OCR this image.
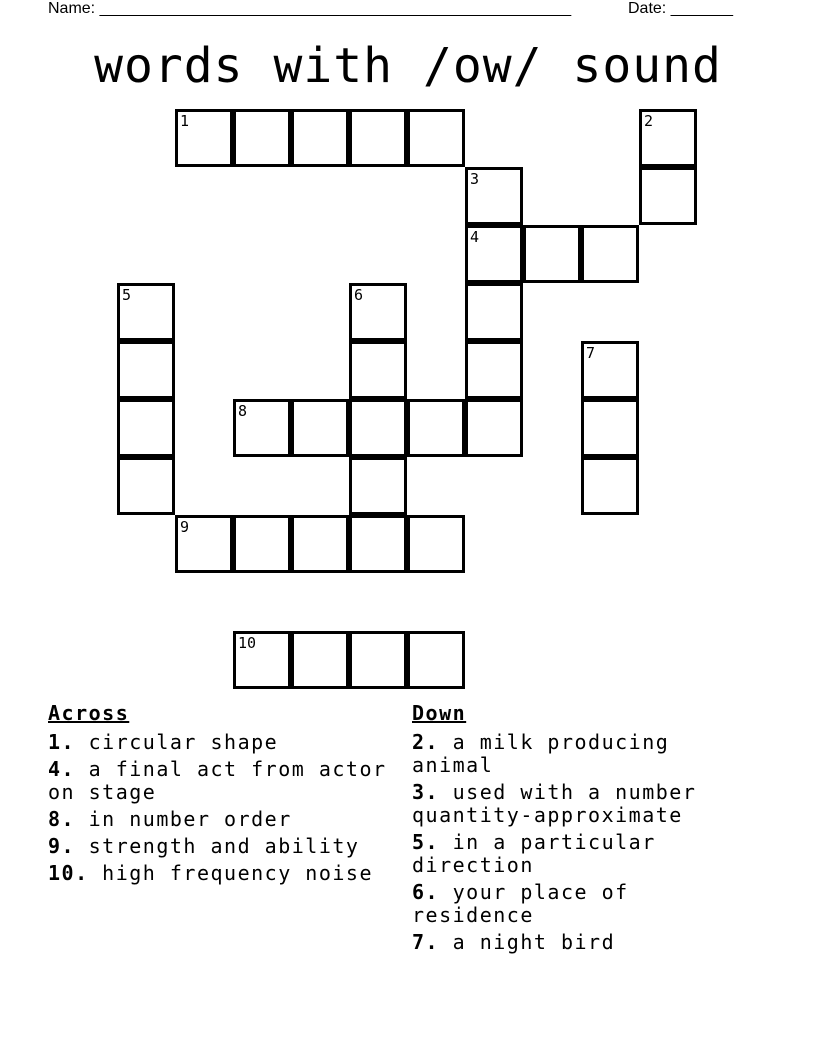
Name: _____________________________________________________	Date: _______
words with /ow/ sound
1	2
3
4
5	6
7
8
9
10
Across
1. circular shape
4. a final act from actor on stage
8. in number order
9. strength and ability
10. high frequency noise
Down
2. a milk producing animal
3. used with a number quantity-approximate
5. in a particular direction
6. your place of residence
7. a night bird
